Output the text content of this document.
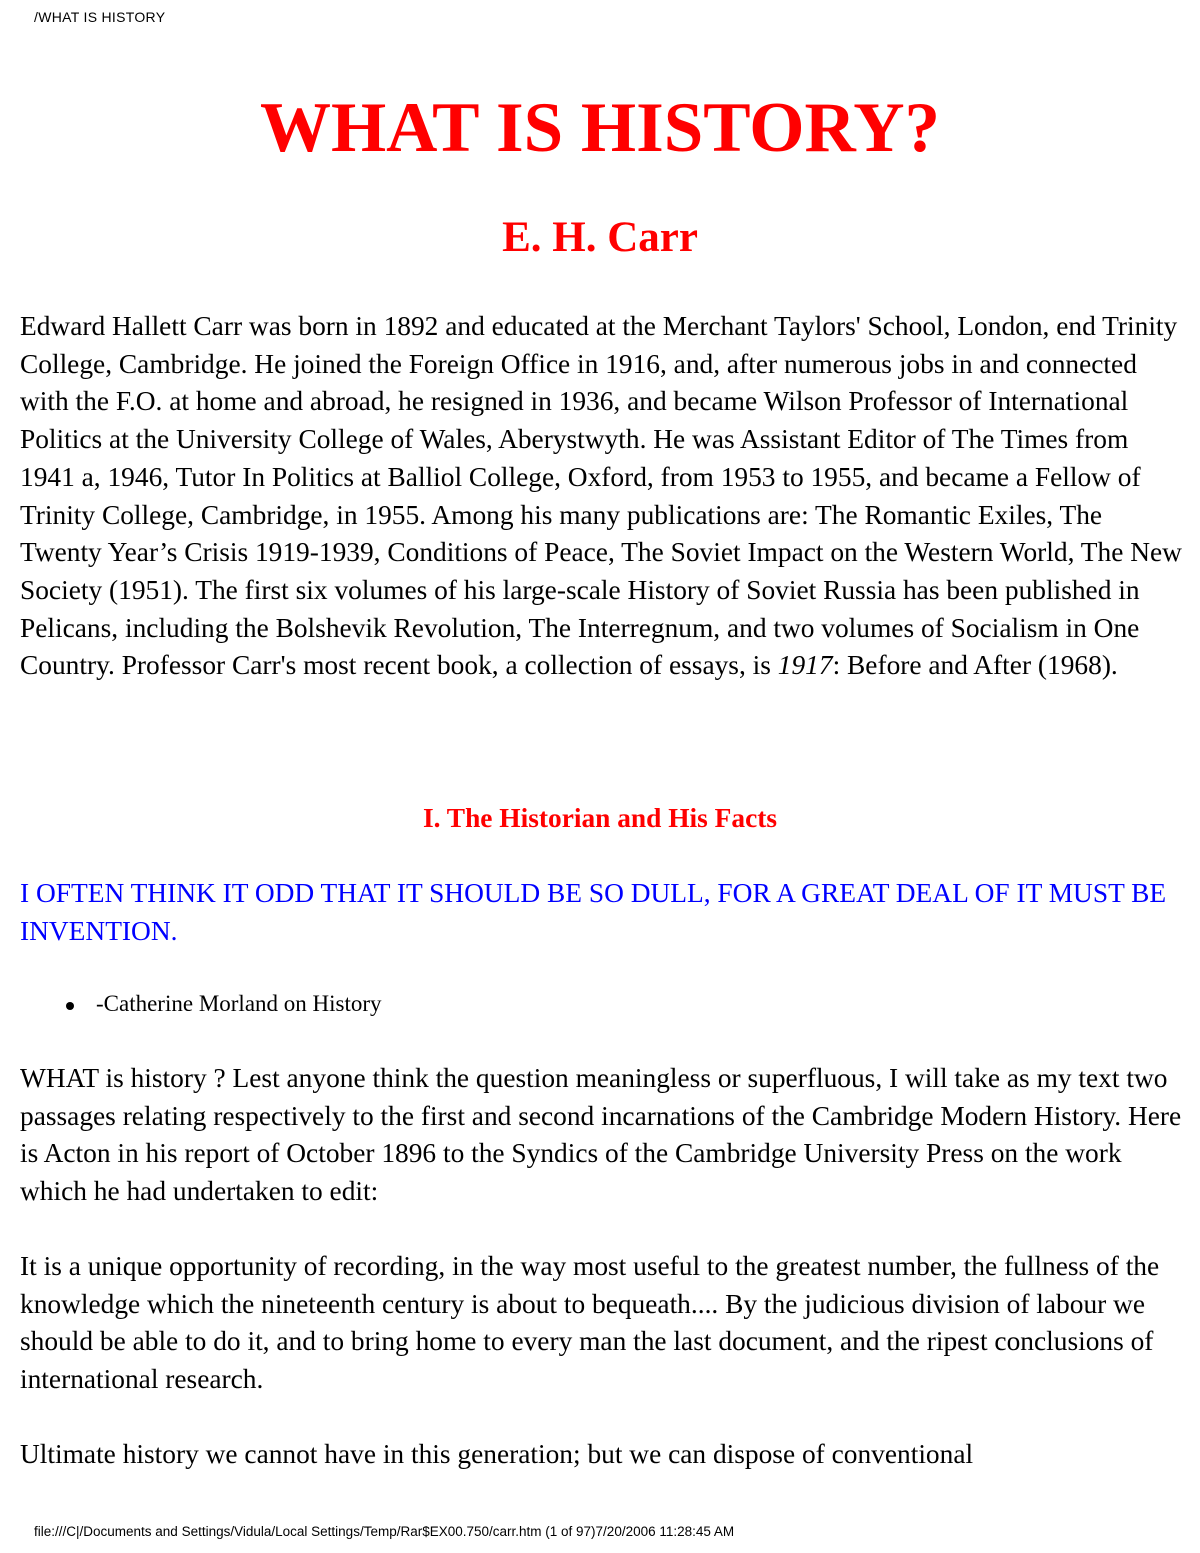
/WHAT IS HISTORY
WHAT IS HISTORY?
E. H. Carr

Edward Hallett Carr was born in 1892 and educated at the Merchant Taylors' School, London, end Trinity College, Cambridge. He joined the Foreign Office in 1916, and, after numerous jobs in and connected with the F.O. at home and abroad, he resigned in 1936, and became Wilson Professor of International Politics at the University College of Wales, Aberystwyth. He was Assistant Editor of The Times from 1941 a, 1946, Tutor In Politics at Balliol College, Oxford, from 1953 to 1955, and became a Fellow of Trinity College, Cambridge, in 1955. Among his many publications are: The Romantic Exiles, The Twenty Year’s Crisis 1919-1939, Conditions of Peace, The Soviet Impact on the Western World, The New Society (1951). The first six volumes of his large-scale History of Soviet Russia has been published in Pelicans, including the Bolshevik Revolution, The Interregnum, and two volumes of Socialism in One Country. Professor Carr's most recent book, a collection of essays, is 1917: Before and After (1968).

I. The Historian and His Facts

I OFTEN THINK IT ODD THAT IT SHOULD BE SO DULL, FOR A GREAT DEAL OF IT MUST BE INVENTION.

-Catherine Morland on History

WHAT is history ? Lest anyone think the question meaningless or superfluous, I will take as my text two passages relating respectively to the first and second incarnations of the Cambridge Modern History. Here is Acton in his report of October 1896 to the Syndics of the Cambridge University Press on the work which he had undertaken to edit:

It is a unique opportunity of recording, in the way most useful to the greatest number, the fullness of the knowledge which the nineteenth century is about to bequeath.... By the judicious division of labour we should be able to do it, and to bring home to every man the last document, and the ripest conclusions of international research.

Ultimate history we cannot have in this generation; but we can dispose of conventional

file:///C|/Documents and Settings/Vidula/Local Settings/Temp/Rar$EX00.750/carr.htm (1 of 97)7/20/2006 11:28:45 AM
